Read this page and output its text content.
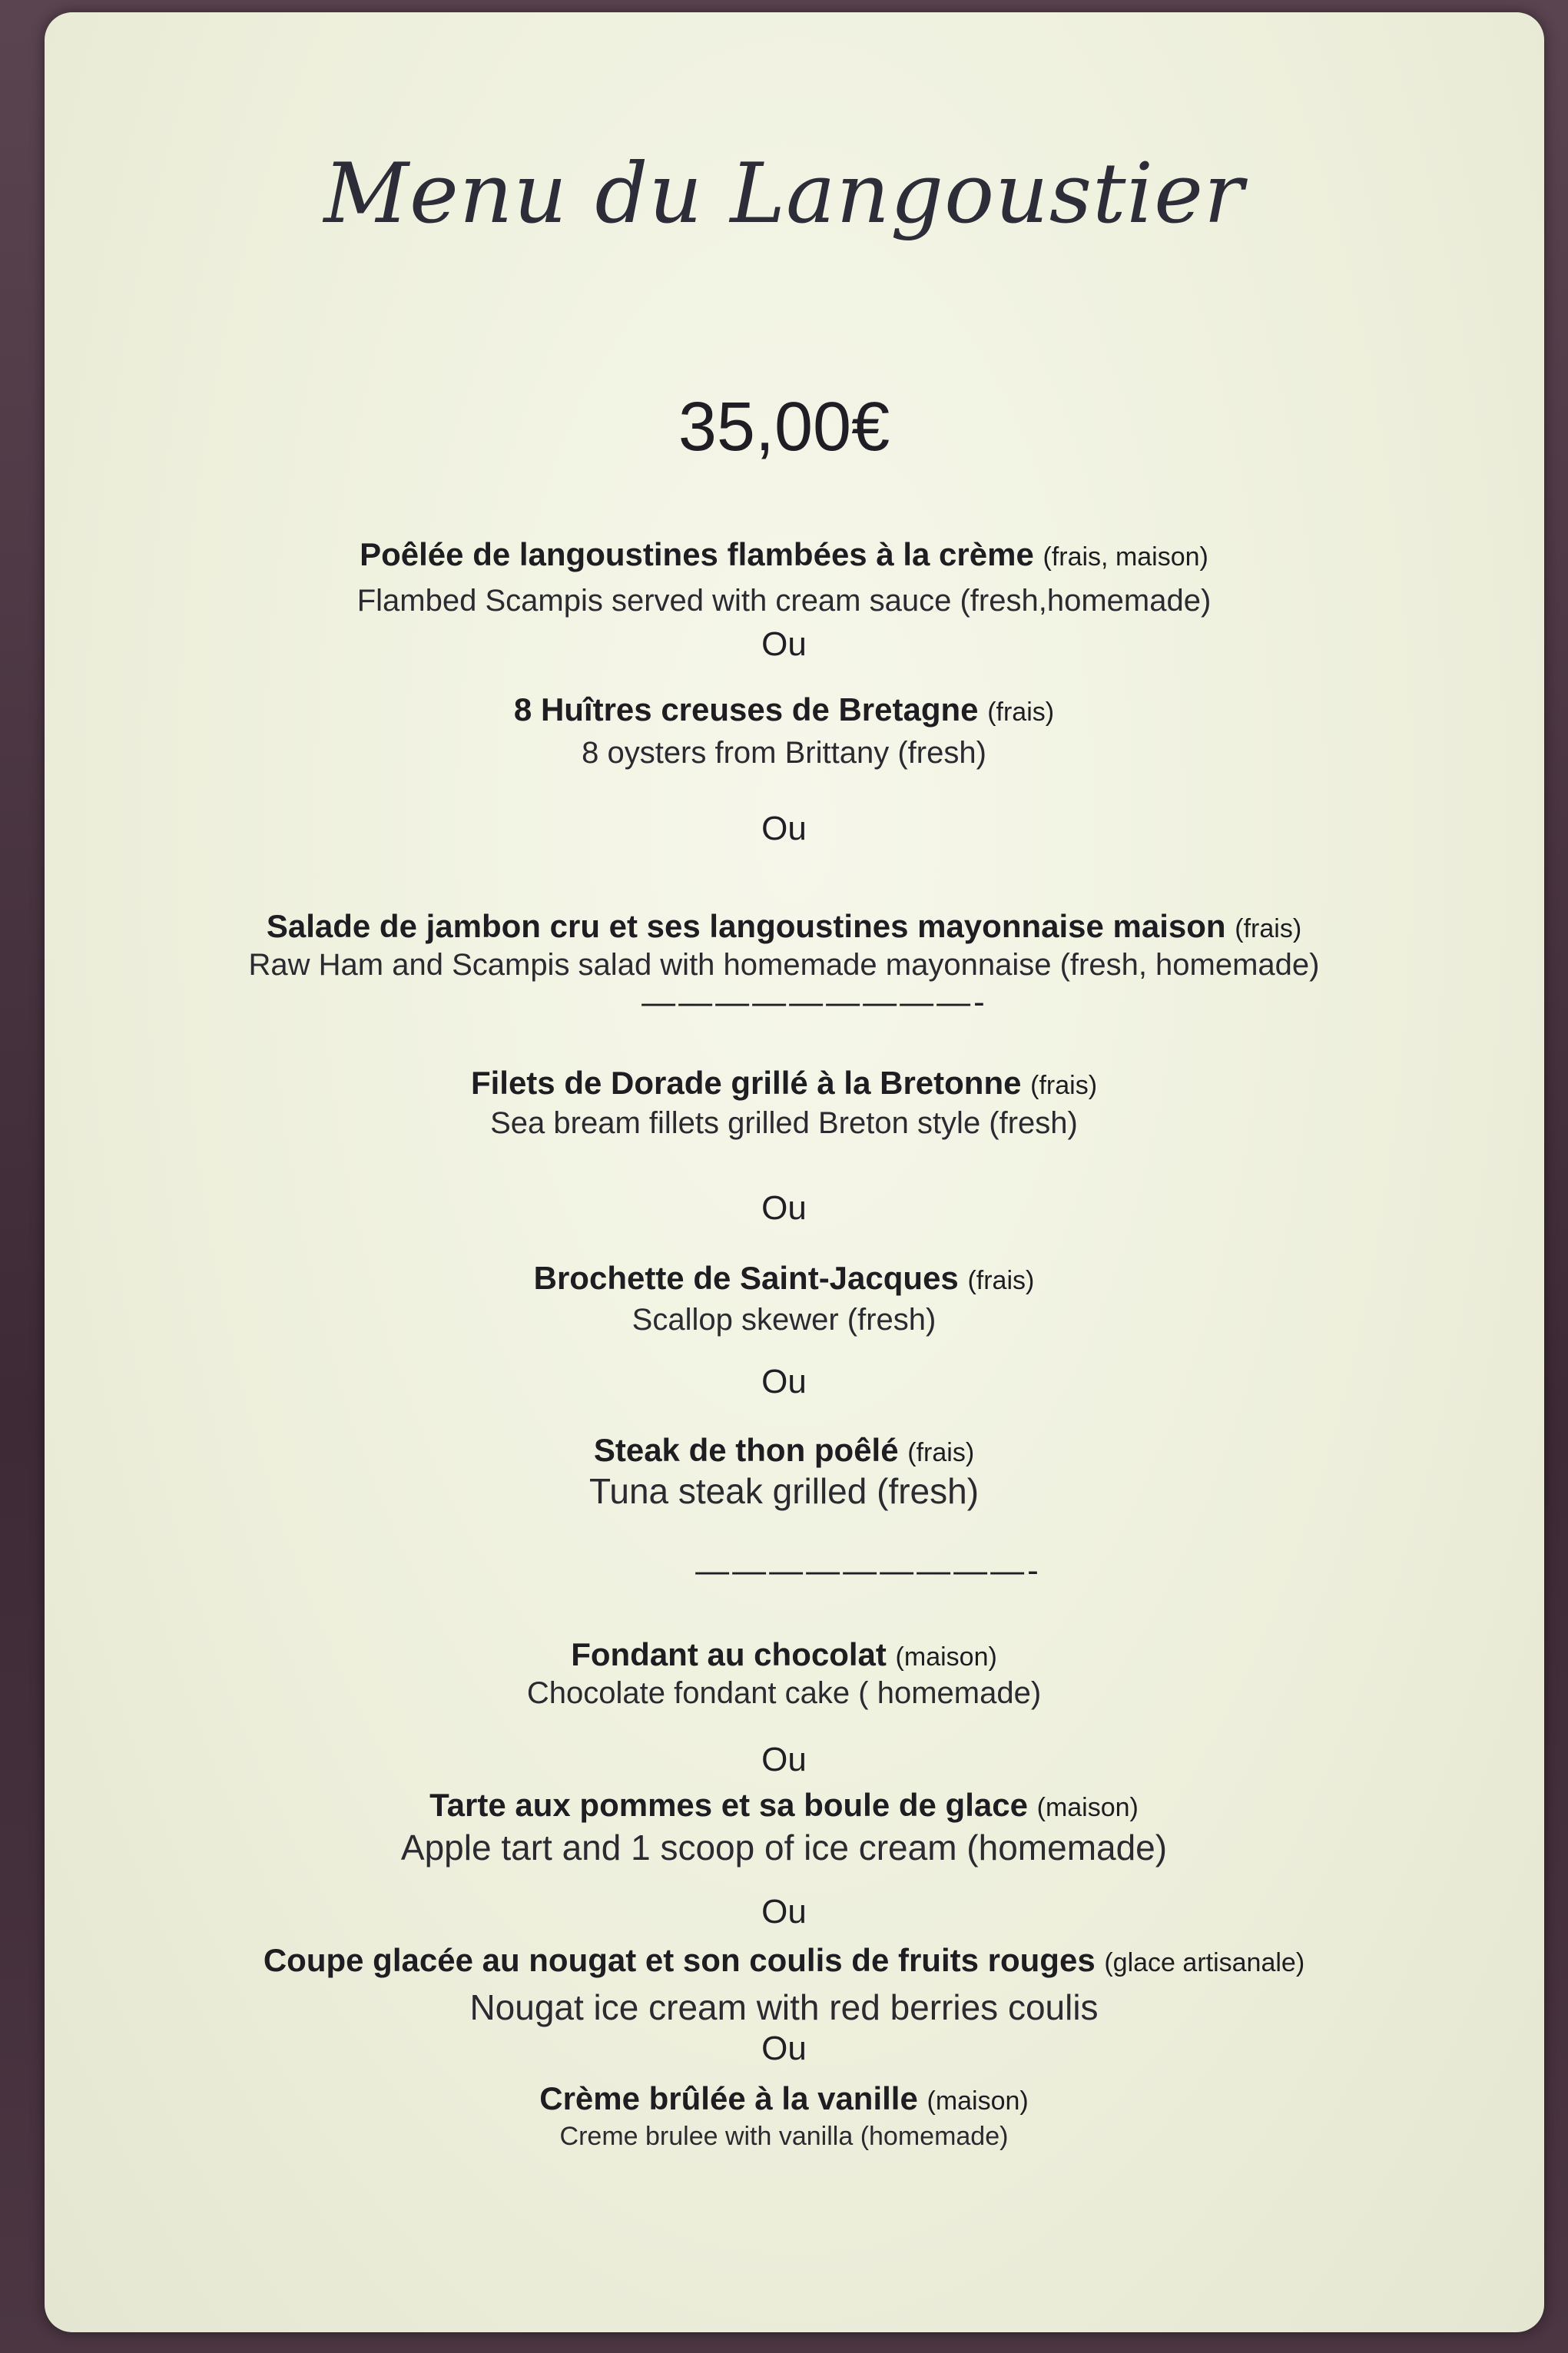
Menu du Langoustier
35,00€
Poêlée de langoustines flambées à la crème (frais, maison)
Flambed Scampis served with cream sauce (fresh,homemade)
Ou
8 Huîtres creuses de Bretagne (frais)
8 oysters from Brittany (fresh)
Ou
Salade de jambon cru et ses langoustines mayonnaise maison (frais)
Raw Ham and Scampis salad with homemade mayonnaise (fresh, homemade)
—————————-
Filets de Dorade grillé à la Bretonne (frais)
Sea bream fillets grilled Breton style (fresh)
Ou
Brochette de Saint-Jacques (frais)
Scallop skewer (fresh)
Ou
Steak de thon poêlé (frais)
Tuna steak grilled (fresh)
—————————-
Fondant au chocolat (maison)
Chocolate fondant cake ( homemade)
Ou
Tarte aux pommes et sa boule de glace (maison)
Apple tart and 1 scoop of ice cream (homemade)
Ou
Coupe glacée au nougat et son coulis de fruits rouges (glace artisanale)
Nougat ice cream with red berries coulis
Ou
Crème brûlée à la vanille (maison)
Creme brulee with vanilla (homemade)
